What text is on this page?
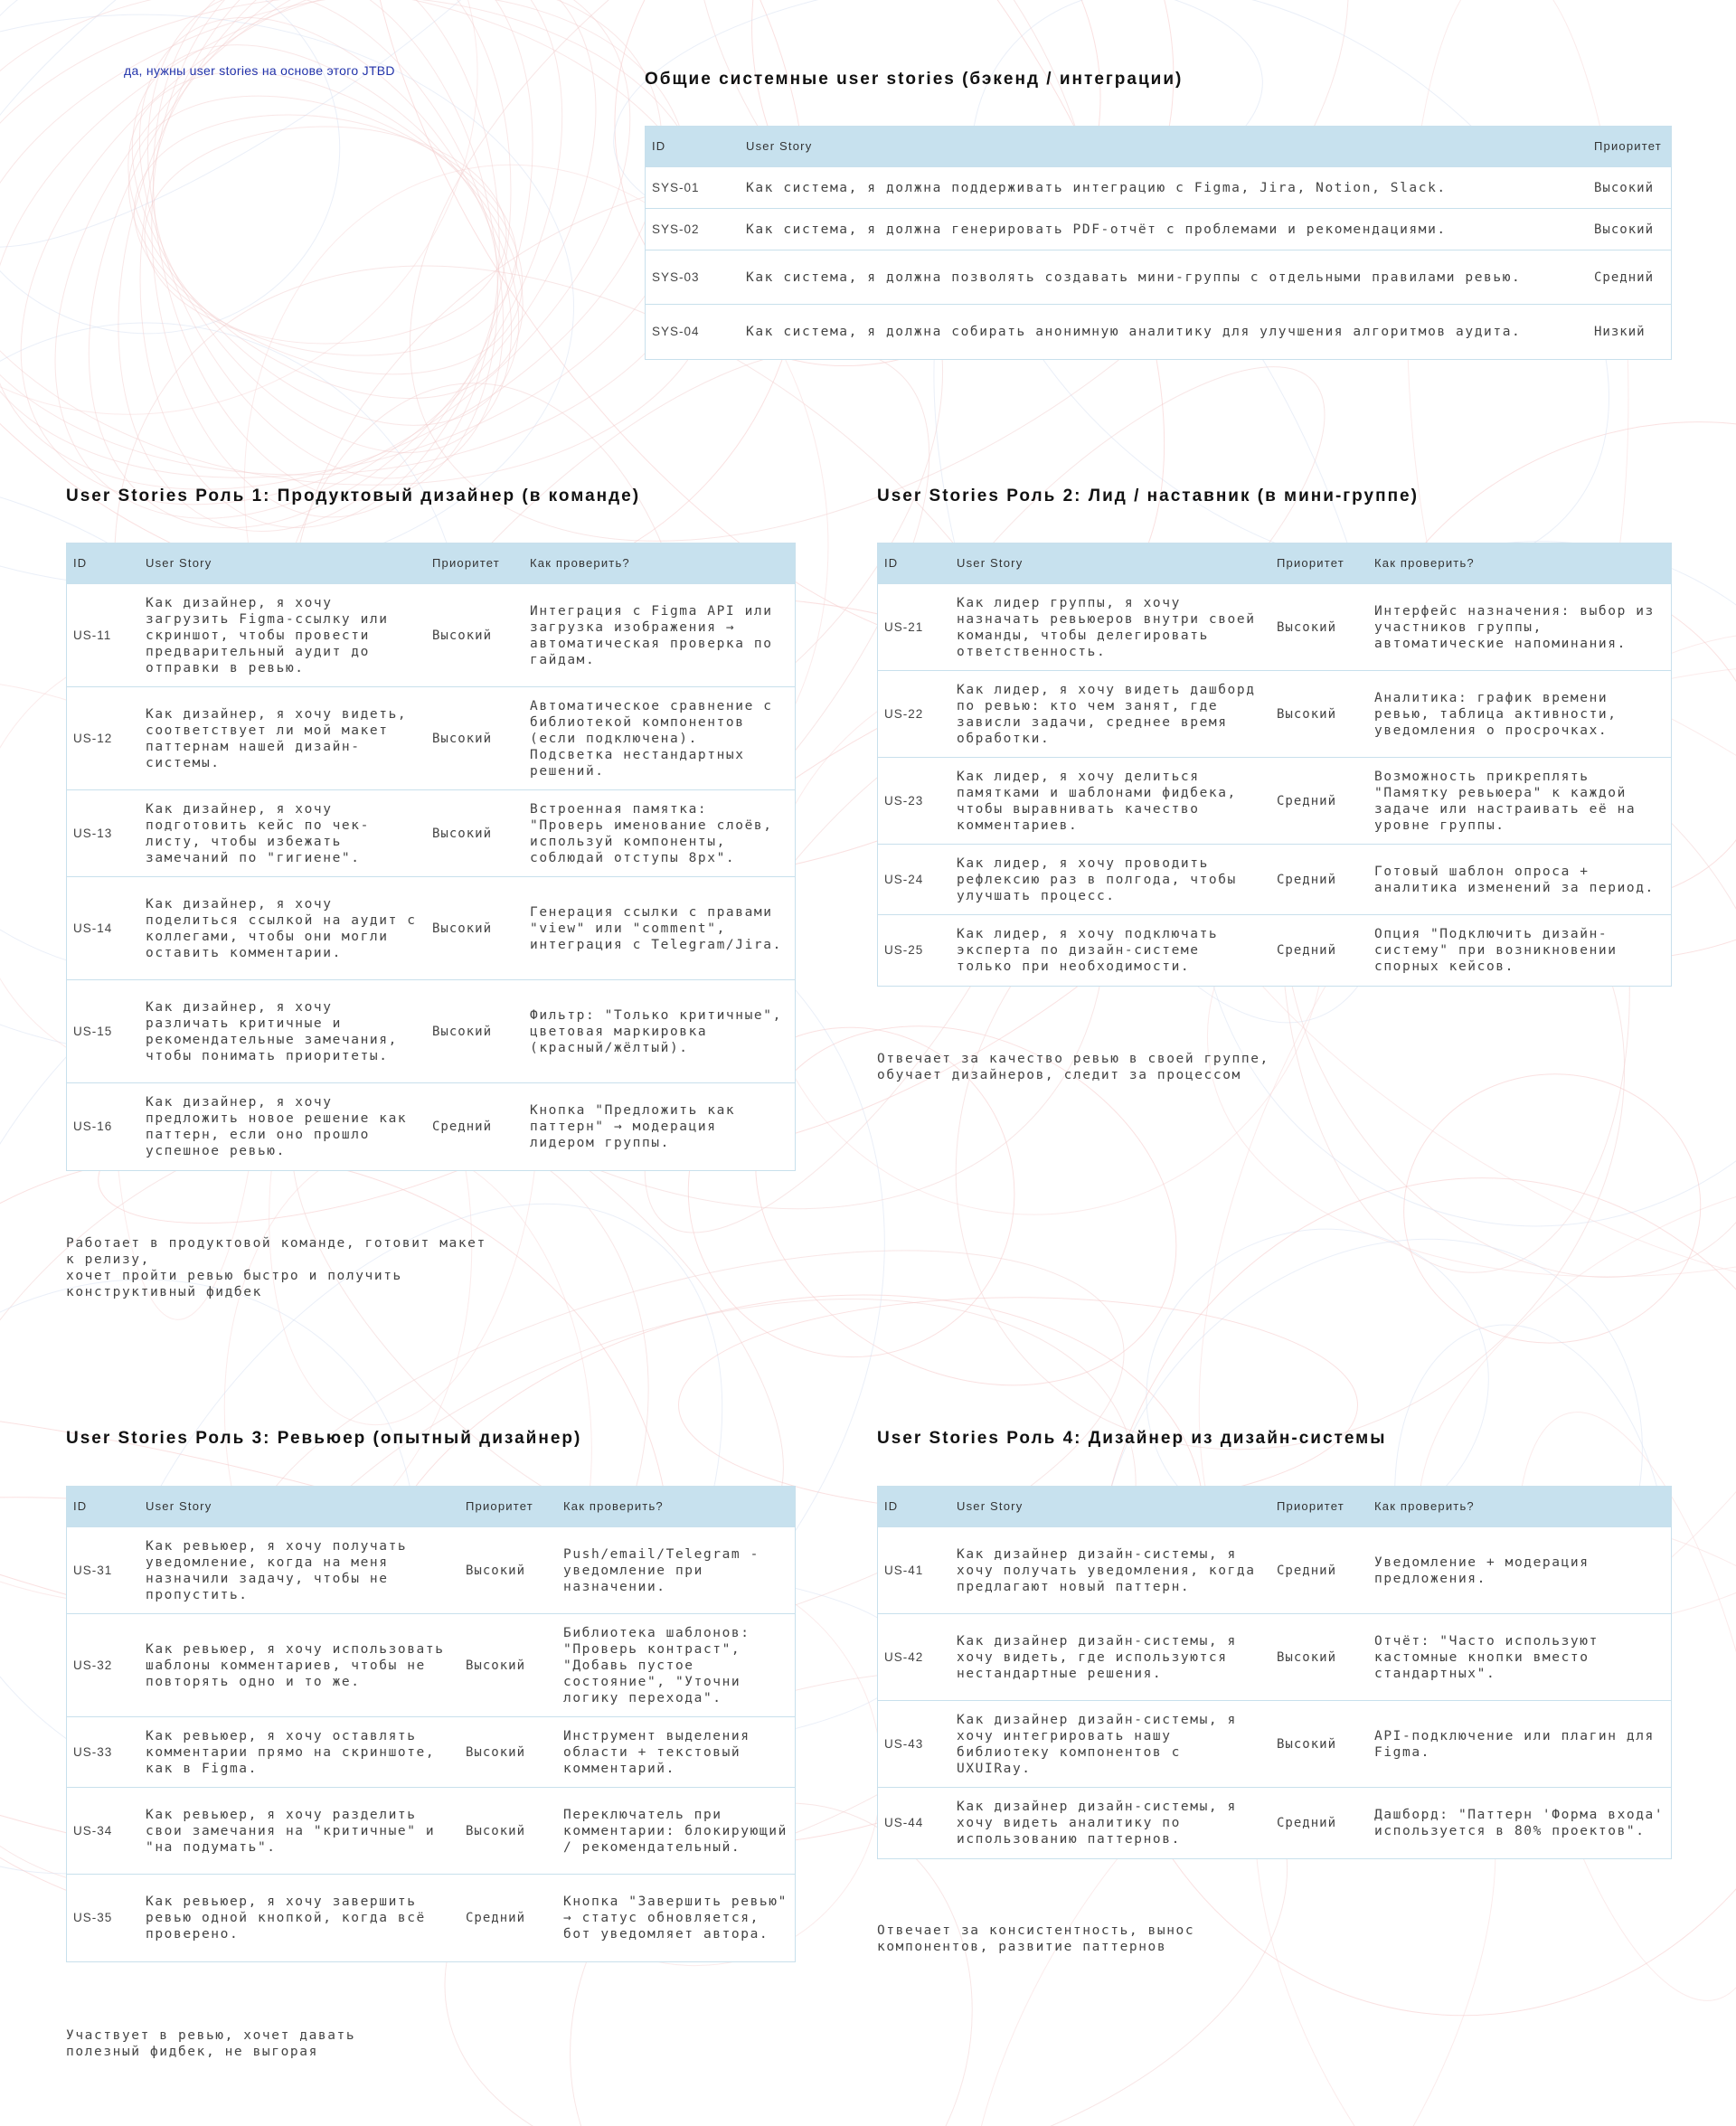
да, нужны user stories на основе этого JTBD	Общие системные user stories (бэкенд / интеграции)
ID	User Story	Приоритет
SYS-01	Как система, я должна поддерживать интеграцию с Figma, Jira, Notion, Slack.	Высокий
SYS-02	Как система, я должна генерировать PDF-отчёт с проблемами и рекомендациями.	Высокий
SYS-03	Как система, я должна позволять создавать мини-группы с отдельными правилами ревью.	Средний
SYS-04	Как система, я должна собирать анонимную аналитику для улучшения алгоритмов аудита.	Низкий
User Stories Роль 1: Продуктовый дизайнер (в команде)
ID	User Story	Приоритет	Как проверить?
US-11	Как дизайнер, я хочу загрузить Figma-ссылку или скриншот, чтобы провести предварительный аудит до отправки в ревью.	Высокий	Интеграция с Figma API или загрузка изображения → автоматическая проверка по гайдам.
US-12	Как дизайнер, я хочу видеть, соответствует ли мой макет паттернам нашей дизайн-системы.	Высокий	Автоматическое сравнение с библиотекой компонентов (если подключена). Подсветка нестандартных решений.
US-13	Как дизайнер, я хочу подготовить кейс по чек-листу, чтобы избежать замечаний по "гигиене".	Высокий	Встроенная памятка: "Проверь именование слоёв, используй компоненты, соблюдай отступы 8px".
US-14	Как дизайнер, я хочу поделиться ссылкой на аудит с коллегами, чтобы они могли оставить комментарии.	Высокий	Генерация ссылки с правами "view" или "comment", интеграция с Telegram/Jira.
US-15	Как дизайнер, я хочу различать критичные и рекомендательные замечания, чтобы понимать приоритеты.	Высокий	Фильтр: "Только критичные", цветовая маркировка (красный/жёлтый).
US-16	Как дизайнер, я хочу предложить новое решение как паттерн, если оно прошло успешное ревью.	Средний	Кнопка "Предложить как паттерн" → модерация лидером группы.
Работает в продуктовой команде, готовит макет к релизу,
хочет пройти ревью быстро и получить конструктивный фидбек
User Stories Роль 2: Лид / наставник (в мини-группе)
ID	User Story	Приоритет	Как проверить?
US-21	Как лидер группы, я хочу назначать ревьюеров внутри своей команды, чтобы делегировать ответственность.	Высокий	Интерфейс назначения: выбор из участников группы, автоматические напоминания.
US-22	Как лидер, я хочу видеть дашборд по ревью: кто чем занят, где зависли задачи, среднее время обработки.	Высокий	Аналитика: график времени ревью, таблица активности, уведомления о просрочках.
US-23	Как лидер, я хочу делиться памятками и шаблонами фидбека, чтобы выравнивать качество комментариев.	Средний	Возможность прикреплять "Памятку ревьюера" к каждой задаче или настраивать её на уровне группы.
US-24	Как лидер, я хочу проводить рефлексию раз в полгода, чтобы улучшать процесс.	Средний	Готовый шаблон опроса + аналитика изменений за период.
US-25	Как лидер, я хочу подключать эксперта по дизайн-системе только при необходимости.	Средний	Опция "Подключить дизайн-систему" при возникновении спорных кейсов.
Отвечает за качество ревью в своей группе,
обучает дизайнеров, следит за процессом
User Stories Роль 3: Ревьюер (опытный дизайнер)
ID	User Story	Приоритет	Как проверить?
US-31	Как ревьюер, я хочу получать уведомление, когда на меня назначили задачу, чтобы не пропустить.	Высокий	Push/email/Telegram - уведомление при назначении.
US-32	Как ревьюер, я хочу использовать шаблоны комментариев, чтобы не повторять одно и то же.	Высокий	Библиотека шаблонов: "Проверь контраст", "Добавь пустое состояние", "Уточни логику перехода".
US-33	Как ревьюер, я хочу оставлять комментарии прямо на скриншоте, как в Figma.	Высокий	Инструмент выделения области + текстовый комментарий.
US-34	Как ревьюер, я хочу разделить свои замечания на "критичные" и "на подумать".	Высокий	Переключатель при комментарии: блокирующий / рекомендательный.
US-35	Как ревьюер, я хочу завершить ревью одной кнопкой, когда всё проверено.	Средний	Кнопка "Завершить ревью" → статус обновляется, бот уведомляет автора.
Участвует в ревью, хочет давать
полезный фидбек, не выгорая
User Stories Роль 4: Дизайнер из дизайн-системы
ID	User Story	Приоритет	Как проверить?
US-41	Как дизайнер дизайн-системы, я хочу получать уведомления, когда предлагают новый паттерн.	Средний	Уведомление + модерация предложения.
US-42	Как дизайнер дизайн-системы, я хочу видеть, где используются нестандартные решения.	Высокий	Отчёт: "Часто используют кастомные кнопки вместо стандартных".
US-43	Как дизайнер дизайн-системы, я хочу интегрировать нашу библиотеку компонентов с UXUIRay.	Высокий	API-подключение или плагин для Figma.
US-44	Как дизайнер дизайн-системы, я хочу видеть аналитику по использованию паттернов.	Средний	Дашборд: "Паттерн 'Форма входа' используется в 80% проектов".
Отвечает за консистентность, вынос
компонентов, развитие паттернов
